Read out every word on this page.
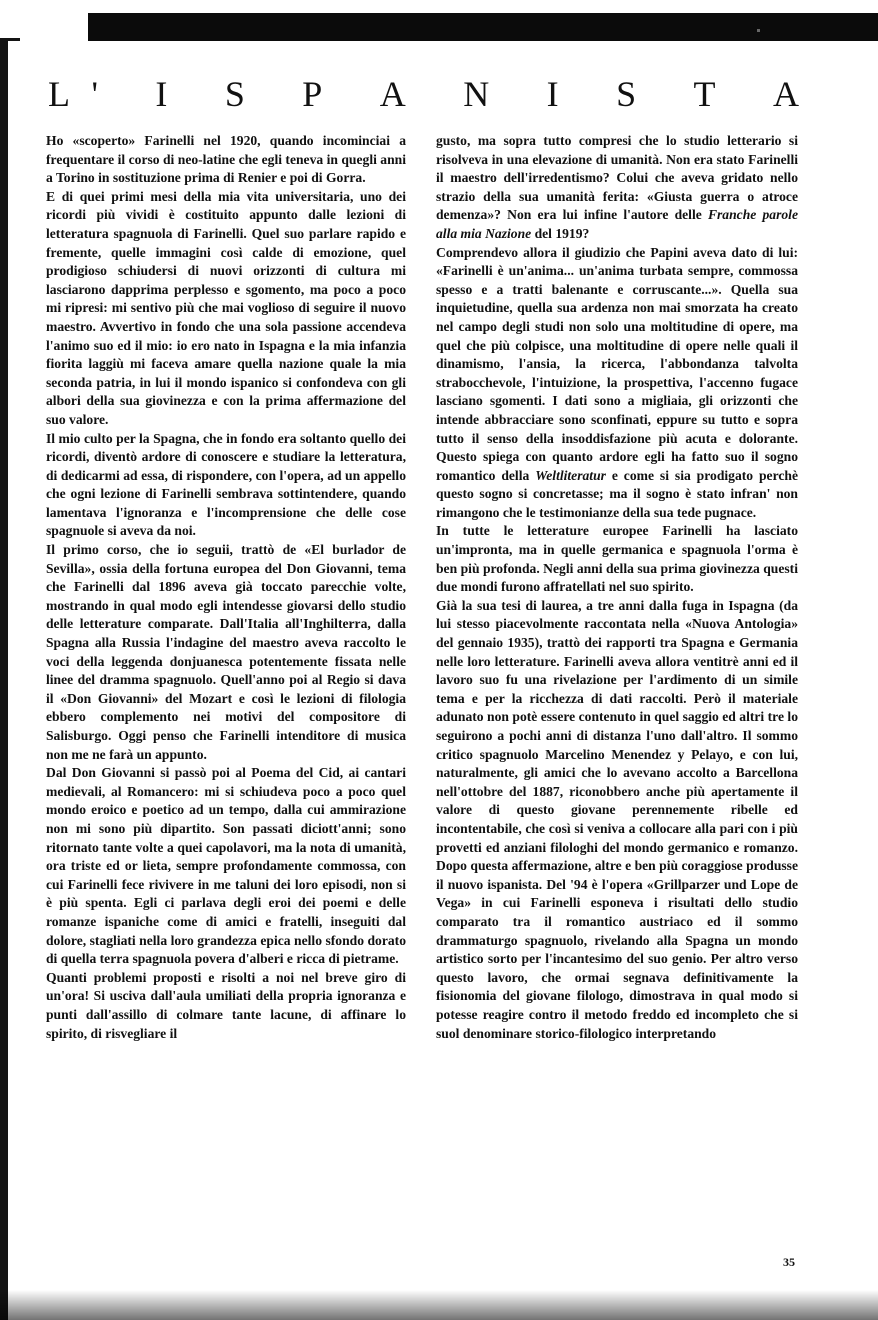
L ' I S P A N I S T A

Ho «scoperto» Farinelli nel 1920, quando incominciai a frequentare il corso di neo-latine che egli teneva in quegli anni a Torino in sostituzione prima di Renier e poi di Gorra.

E di quei primi mesi della mia vita universitaria, uno dei ricordi più vividi è costituito appunto dalle lezioni di letteratura spagnuola di Farinelli. Quel suo parlare rapido e fremente, quelle immagini così calde di emozione, quel prodigioso schiudersi di nuovi orizzonti di cultura mi lasciarono dapprima perplesso e sgomento, ma poco a poco mi ripresi: mi sentivo più che mai voglioso di seguire il nuovo maestro. Avvertivo in fondo che una sola passione accendeva l'animo suo ed il mio: io ero nato in Ispagna e la mia infanzia fiorita laggiù mi faceva amare quella nazione quale la mia seconda patria, in lui il mondo ispanico si confondeva con gli albori della sua giovinezza e con la prima affermazione del suo valore.

Il mio culto per la Spagna, che in fondo era soltanto quello dei ricordi, diventò ardore di conoscere e studiare la letteratura, di dedicarmi ad essa, di rispondere, con l'opera, ad un appello che ogni lezione di Farinelli sembrava sottintendere, quando lamentava l'ignoranza e l'incomprensione che delle cose spagnuole si aveva da noi.

Il primo corso, che io seguii, trattò de «El burlador de Sevilla», ossia della fortuna europea del Don Giovanni, tema che Farinelli dal 1896 aveva già toccato parecchie volte, mostrando in qual modo egli intendesse giovarsi dello studio delle letterature comparate. Dall'Italia all'Inghilterra, dalla Spagna alla Russia l'indagine del maestro aveva raccolto le voci della leggenda donjuanesca potentemente fissata nelle linee del dramma spagnuolo. Quell'anno poi al Regio si dava il «Don Giovanni» del Mozart e così le lezioni di filologia ebbero complemento nei motivi del compositore di Salisburgo. Oggi penso che Farinelli intenditore di musica non me ne farà un appunto.

Dal Don Giovanni si passò poi al Poema del Cid, ai cantari medievali, al Romancero: mi si schiudeva poco a poco quel mondo eroico e poetico ad un tempo, dalla cui ammirazione non mi sono più dipartito. Son passati diciott'anni; sono ritornato tante volte a quei capolavori, ma la nota di umanità, ora triste ed or lieta, sempre profondamente commossa, con cui Farinelli fece rivivere in me taluni dei loro episodi, non si è più spenta. Egli ci parlava degli eroi dei poemi e delle romanze ispaniche come di amici e fratelli, inseguiti dal dolore, stagliati nella loro grandezza epica nello sfondo dorato di quella terra spagnuola povera d'alberi e ricca di pietrame.

Quanti problemi proposti e risolti a noi nel breve giro di un'ora! Si usciva dall'aula umiliati della propria ignoranza e punti dall'assillo di colmare tante lacune, di affinare lo spirito, di risvegliare il

gusto, ma sopra tutto compresi che lo studio letterario si risolveva in una elevazione di umanità. Non era stato Farinelli il maestro dell'irredentismo? Colui che aveva gridato nello strazio della sua umanità ferita: «Giusta guerra o atroce demenza»? Non era lui infine l'autore delle Franche parole alla mia Nazione del 1919?

Comprendevo allora il giudizio che Papini aveva dato di lui: «Farinelli è un'anima... un'anima turbata sempre, commossa spesso e a tratti balenante e corruscante...». Quella sua inquietudine, quella sua ardenza non mai smorzata ha creato nel campo degli studi non solo una moltitudine di opere, ma quel che più colpisce, una moltitudine di opere nelle quali il dinamismo, l'ansia, la ricerca, l'abbondanza talvolta strabocchevole, l'intuizione, la prospettiva, l'accenno fugace lasciano sgomenti. I dati sono a migliaia, gli orizzonti che intende abbracciare sono sconfinati, eppure su tutto e sopra tutto il senso della insoddisfazione più acuta e dolorante. Questo spiega con quanto ardore egli ha fatto suo il sogno romantico della Weltliteratur e come si sia prodigato perchè questo sogno si concretasse; ma il sogno è stato infran' non rimangono che le testimonianze della sua tede pugnace.

In tutte le letterature europee Farinelli ha lasciato un'impronta, ma in quelle germanica e spagnuola l'orma è ben più profonda. Negli anni della sua prima giovinezza questi due mondi furono affratellati nel suo spirito.

Già la sua tesi di laurea, a tre anni dalla fuga in Ispagna (da lui stesso piacevolmente raccontata nella «Nuova Antologia» del gennaio 1935), trattò dei rapporti tra Spagna e Germania nelle loro letterature. Farinelli aveva allora ventitrè anni ed il lavoro suo fu una rivelazione per l'ardimento di un simile tema e per la ricchezza di dati raccolti. Però il materiale adunato non potè essere contenuto in quel saggio ed altri tre lo seguirono a pochi anni di distanza l'uno dall'altro. Il sommo critico spagnuolo Marcelino Menendez y Pelayo, e con lui, naturalmente, gli amici che lo avevano accolto a Barcellona nell'ottobre del 1887, riconobbero anche più apertamente il valore di questo giovane perennemente ribelle ed incontentabile, che così si veniva a collocare alla pari con i più provetti ed anziani filologhi del mondo germanico e romanzo. Dopo questa affermazione, altre e ben più coraggiose produsse il nuovo ispanista. Del '94 è l'opera «Grillparzer und Lope de Vega» in cui Farinelli esponeva i risultati dello studio comparato tra il romantico austriaco ed il sommo drammaturgo spagnuolo, rivelando alla Spagna un mondo artistico sorto per l'incantesimo del suo genio. Per altro verso questo lavoro, che ormai segnava definitivamente la fisionomia del giovane filologo, dimostrava in qual modo si potesse reagire contro il metodo freddo ed incompleto che si suol denominare storico-filologico interpretando

35
